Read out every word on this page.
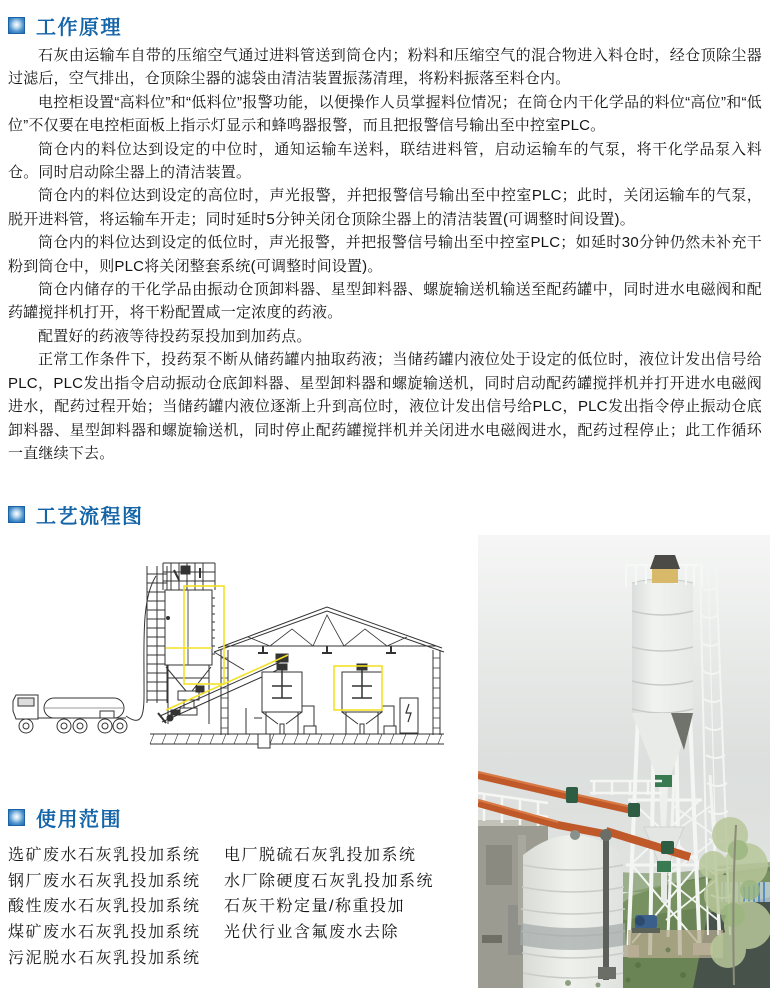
工作原理

石灰由运输车自带的压缩空气通过进料管送到筒仓内；粉料和压缩空气的混合物进入料仓时，经仓顶除尘器过滤后，空气排出，仓顶除尘器的滤袋由清洁装置振荡清理，将粉料振落至料仓内。

电控柜设置“高料位”和“低料位”报警功能，以便操作人员掌握料位情况；在筒仓内干化学品的料位“高位”和“低位”不仅要在电控柜面板上指示灯显示和蜂鸣器报警，而且把报警信号输出至中控室PLC。

筒仓内的料位达到设定的中位时，通知运输车送料，联结进料管，启动运输车的气泵，将干化学品泵入料仓。同时启动除尘器上的清洁装置。

筒仓内的料位达到设定的高位时，声光报警，并把报警信号输出至中控室PLC；此时，关闭运输车的气泵，脱开进料管，将运输车开走；同时延时5分钟关闭仓顶除尘器上的清洁装置(可调整时间设置)。

筒仓内的料位达到设定的低位时，声光报警，并把报警信号输出至中控室PLC；如延时30分钟仍然未补充干粉到筒仓中，则PLC将关闭整套系统(可调整时间设置)。

筒仓内储存的干化学品由振动仓顶卸料器、星型卸料器、螺旋输送机输送至配药罐中，同时进水电磁阀和配药罐搅拌机打开，将干粉配置咸一定浓度的药液。

配置好的药液等待投药泵投加到加药点。

正常工作条件下，投药泵不断从储药罐内抽取药液；当储药罐内液位处于设定的低位时，液位计发出信号给PLC，PLC发出指令启动振动仓底卸料器、星型卸料器和螺旋输送机，同时启动配药罐搅拌机并打开进水电磁阀进水，配药过程开始；当储药罐内液位逐渐上升到高位时，液位计发出信号给PLC，PLC发出指令停止振动仓底卸料器、星型卸料器和螺旋输送机，同时停止配药罐搅拌机并关闭进水电磁阀进水，配药过程停止；此工作循环一直继续下去。

工艺流程图
使用范围
选矿废水石灰乳投加系统
钢厂废水石灰乳投加系统
酸性废水石灰乳投加系统
煤矿废水石灰乳投加系统
污泥脱水石灰乳投加系统
电厂脱硫石灰乳投加系统
水厂除硬度石灰乳投加系统
石灰干粉定量/称重投加
光伏行业含氟废水去除
